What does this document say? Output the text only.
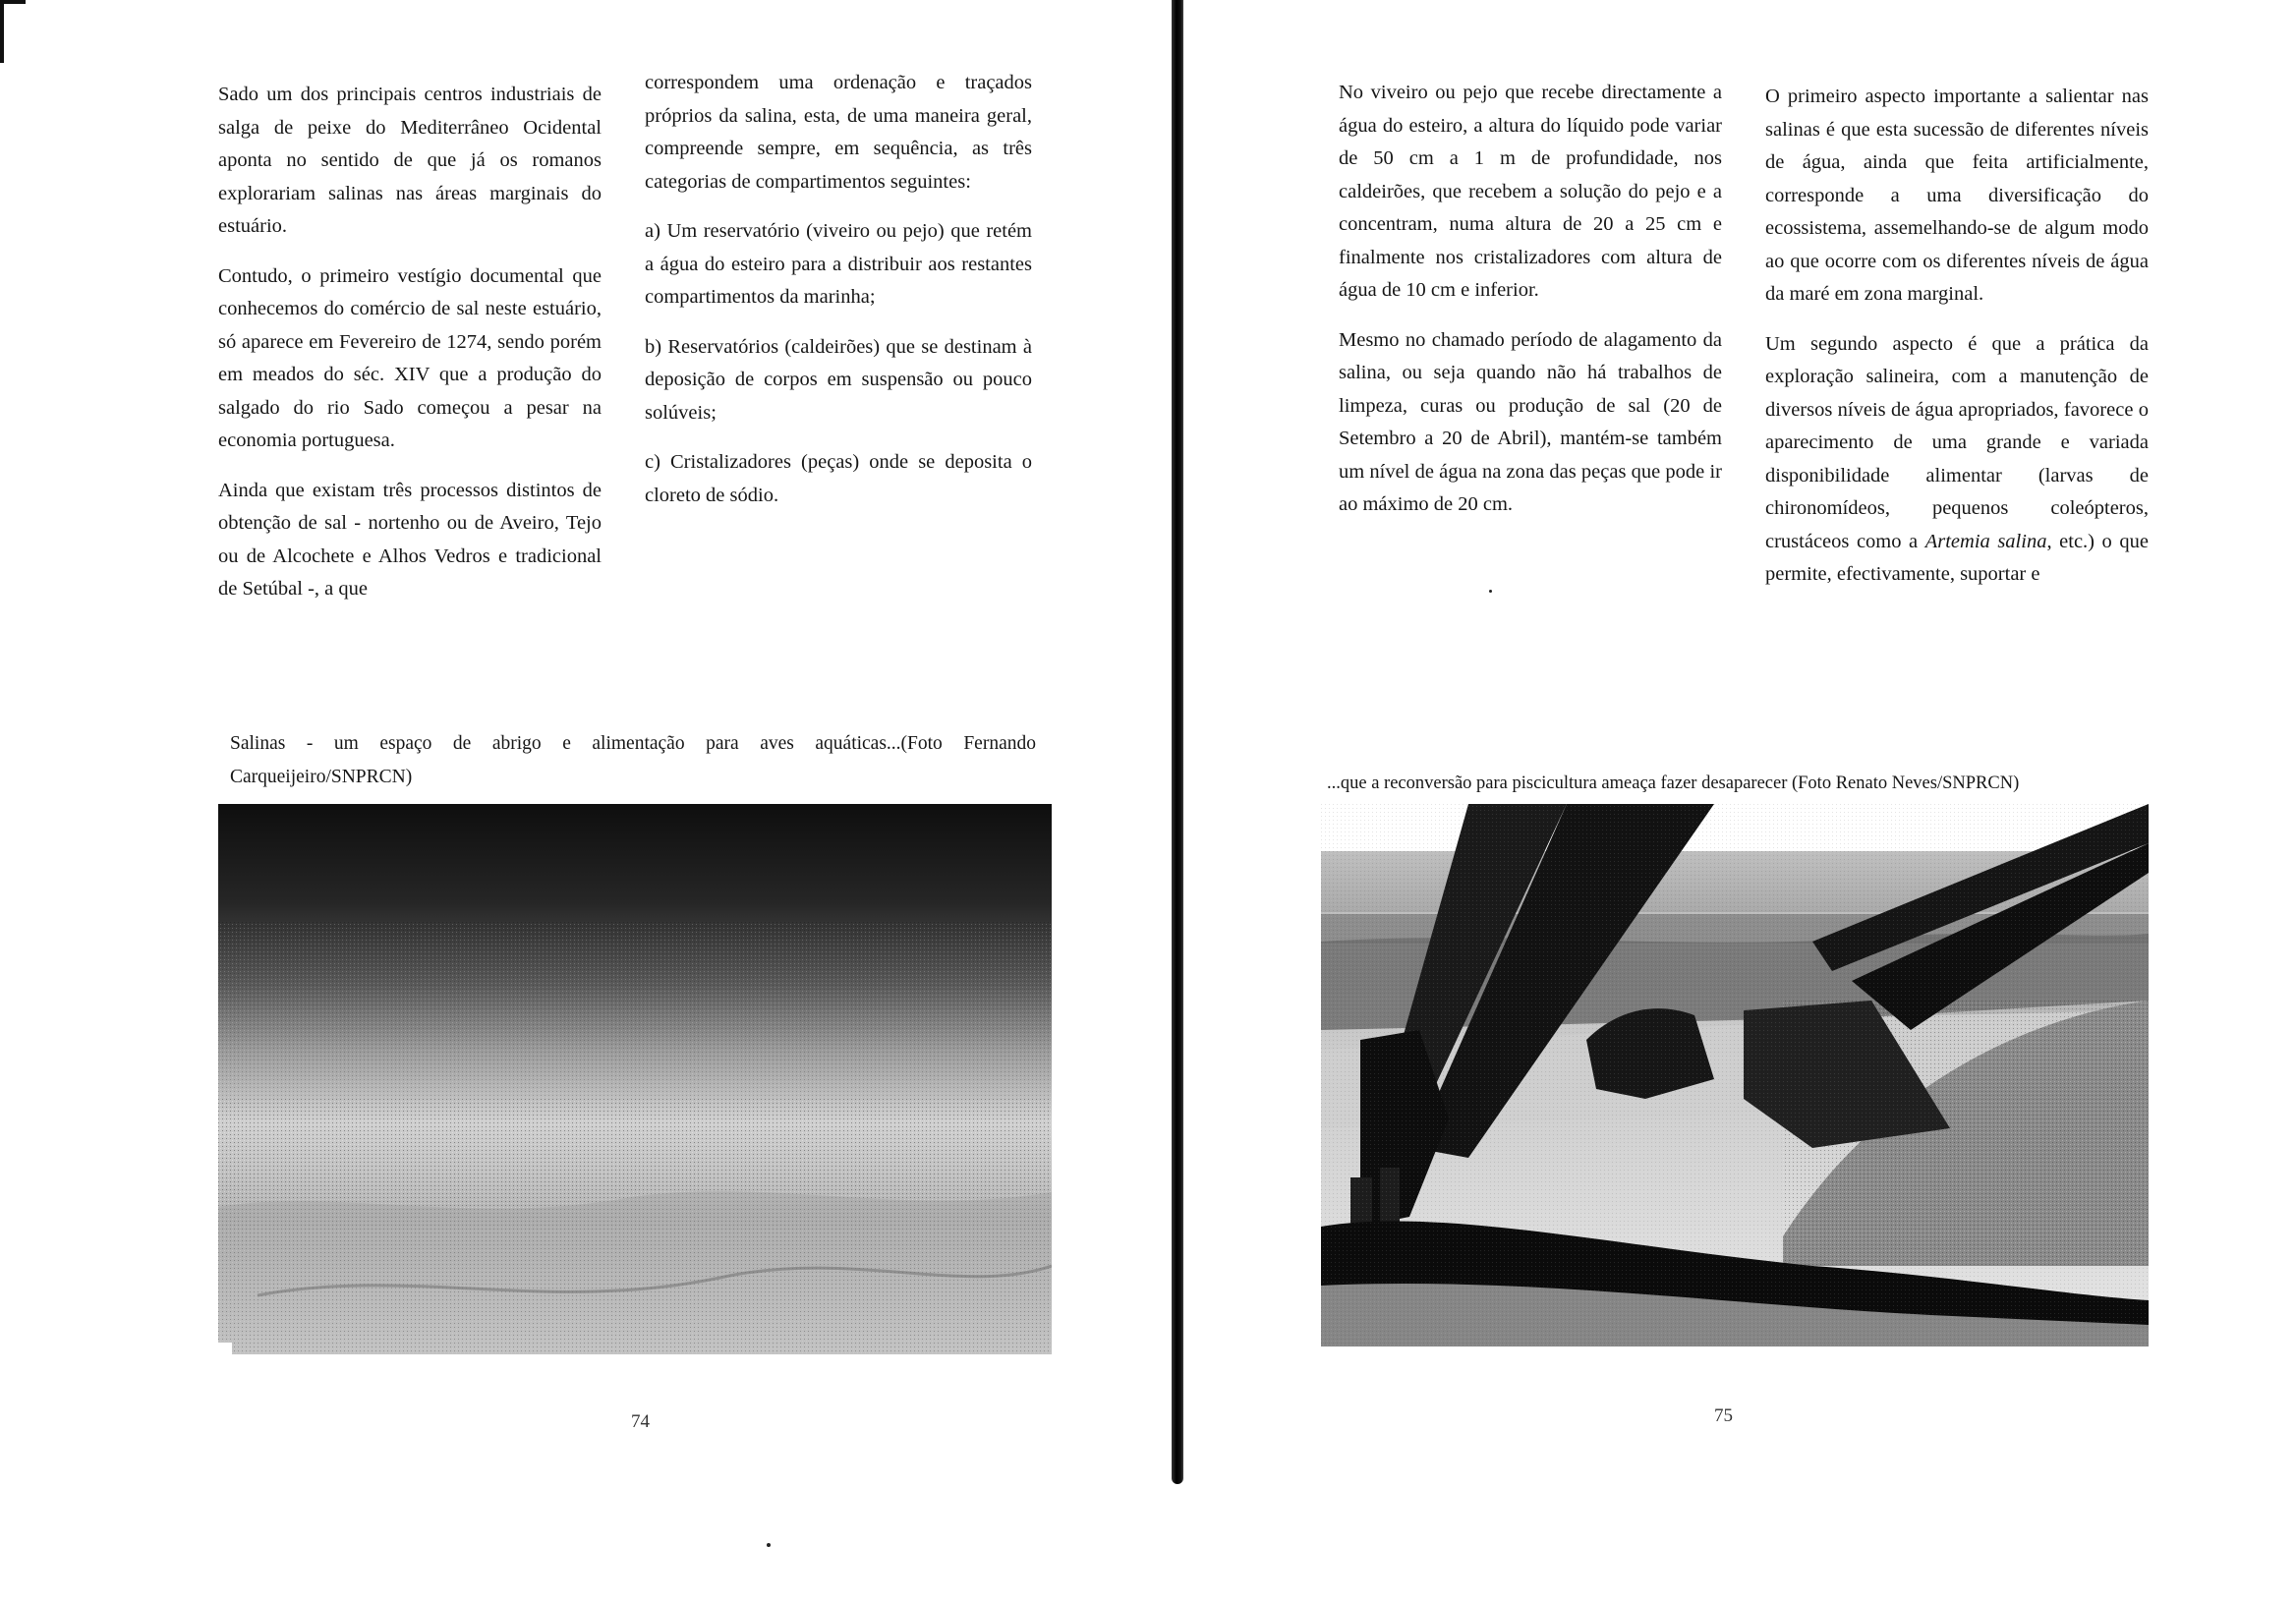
Sado um dos principais centros industriais de salga de peixe do Mediterrâneo Ocidental aponta no sentido de que já os romanos explorariam salinas nas áreas marginais do estuário.

Contudo, o primeiro vestígio documental que conhecemos do comércio de sal neste estuário, só aparece em Fevereiro de 1274, sendo porém em meados do séc. XIV que a produção do salgado do rio Sado começou a pesar na economia portuguesa.

Ainda que existam três processos distintos de obtenção de sal - nortenho ou de Aveiro, Tejo ou de Alcochete e Alhos Vedros e tradicional de Setúbal -, a que

correspondem uma ordenação e traçados próprios da salina, esta, de uma maneira geral, compreende sempre, em sequência, as três categorias de compartimentos seguintes:

a) Um reservatório (viveiro ou pejo) que retém a água do esteiro para a distribuir aos restantes compartimentos da marinha;

b) Reservatórios (caldeirões) que se destinam à deposição de corpos em suspensão ou pouco solúveis;

c) Cristalizadores (peças) onde se deposita o cloreto de sódio.

Salinas - um espaço de abrigo e alimentação para aves aquáticas...(Foto Fernando Carqueijeiro/SNPRCN)
74

No viveiro ou pejo que recebe directamente a água do esteiro, a altura do líquido pode variar de 50 cm a 1 m de profundidade, nos caldeirões, que recebem a solução do pejo e a concentram, numa altura de 20 a 25 cm e finalmente nos cristalizadores com altura de água de 10 cm e inferior.

Mesmo no chamado período de alagamento da salina, ou seja quando não há trabalhos de limpeza, curas ou produção de sal (20 de Setembro a 20 de Abril), mantém-se também um nível de água na zona das peças que pode ir ao máximo de 20 cm.

O primeiro aspecto importante a salientar nas salinas é que esta sucessão de diferentes níveis de água, ainda que feita artificialmente, corresponde a uma diversificação do ecossistema, assemelhando-se de algum modo ao que ocorre com os diferentes níveis de água da maré em zona marginal.

Um segundo aspecto é que a prática da exploração salineira, com a manutenção de diversos níveis de água apropriados, favorece o aparecimento de uma grande e variada disponibilidade alimentar (larvas de chironomídeos, pequenos coleópteros, crustáceos como a Artemia salina, etc.) o que permite, efectivamente, suportar e

...que a reconversão para piscicultura ameaça fazer desaparecer (Foto Renato Neves/SNPRCN)
75
